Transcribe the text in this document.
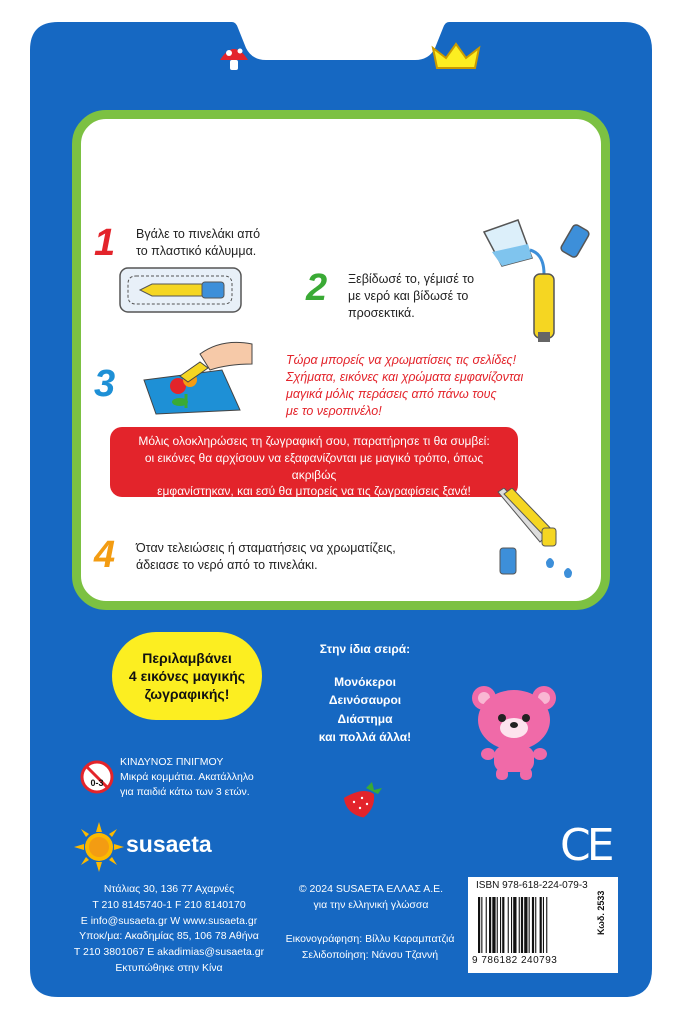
1 Βγάλε το πινελάκι από
το πλαστικό κάλυμμα.
2 Ξεβίδωσέ το, γέμισέ το
με νερό και βίδωσέ το
προσεκτικά.
3
Τώρα μπορείς να χρωματίσεις τις σελίδες!
Σχήματα, εικόνες και χρώματα εμφανίζονται
μαγικά μόλις περάσεις από πάνω τους
με το νεροπινέλο!
Μόλις ολοκληρώσεις τη ζωγραφική σου, παρατήρησε τι θα συμβεί:
οι εικόνες θα αρχίσουν να εξαφανίζονται με μαγικό τρόπο, όπως ακριβώς
εμφανίστηκαν, και εσύ θα μπορείς να τις ζωγραφίσεις ξανά!
4 Όταν τελειώσεις ή σταματήσεις να χρωματίζεις,
άδειασε το νερό από το πινελάκι.
Περιλαμβάνει
4 εικόνες μαγικής
ζωγραφικής!
Στην ίδια σειρά:
Μονόκεροι
Δεινόσαυροι
Διάστημα
και πολλά άλλα!
0-3
ΚΙΝΔΥΝΟΣ ΠΝΙΓΜΟΥ
Μικρά κομμάτια. Ακατάλληλο
για παιδιά κάτω των 3 ετών.
susaeta
Ντάλιας 30, 136 77 Αχαρνές
T 210 8145740-1 F 210 8140170
E info@susaeta.gr W www.susaeta.gr
Υποκ/μα: Ακαδημίας 85, 106 78 Αθήνα
T 210 3801067 E akadimias@susaeta.gr
Εκτυπώθηκε στην Κίνα
© 2024 SUSAETA ΕΛΛΑΣ Α.Ε.
για την ελληνική γλώσσα
Εικονογράφηση: Βίλλυ Καραμπατζιά
Σελιδοποίηση: Νάνσυ Τζαννή
CE
ISBN 978-618-224-079-3
9 786182 240793
Κωδ. 2533
